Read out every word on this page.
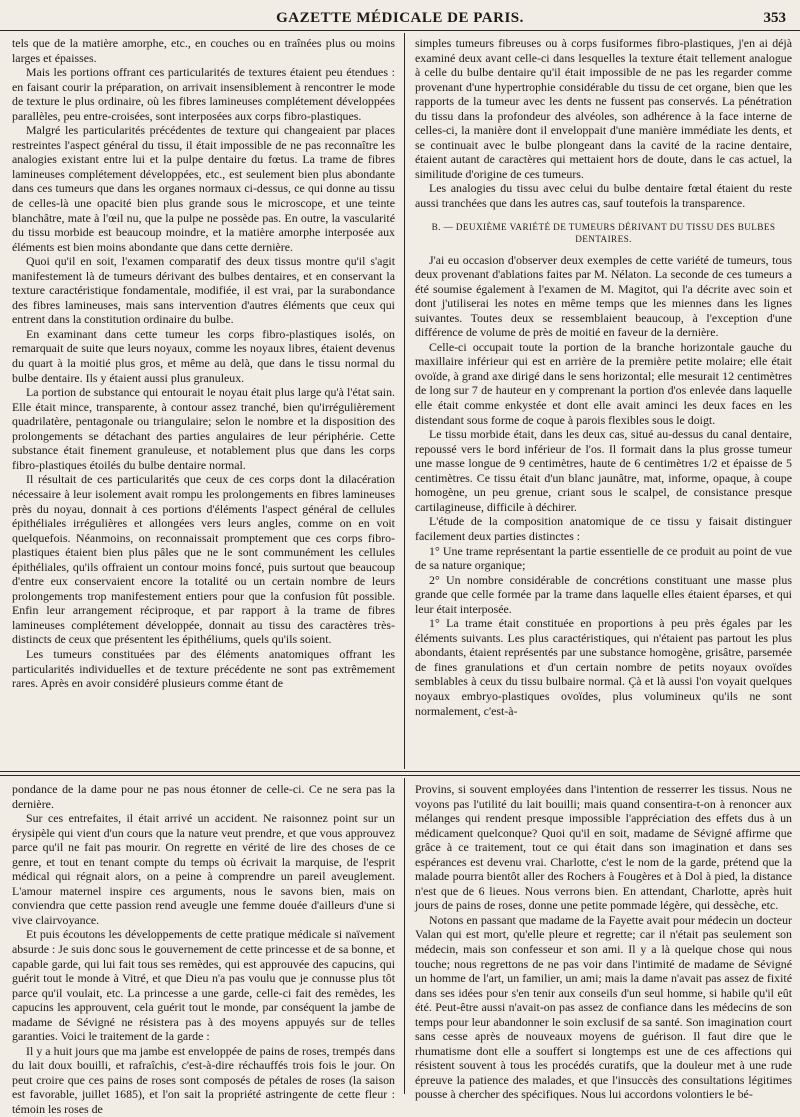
GAZETTE MÉDICALE DE PARIS.	353

tels que de la matière amorphe, etc., en couches ou en traînées plus ou moins larges et épaisses.

Mais les portions offrant ces particularités de textures étaient peu étendues : en faisant courir la préparation, on arrivait insensiblement à rencontrer le mode de texture le plus ordinaire, où les fibres lamineuses complétement développées parallèles, peu entre-croisées, sont interposées aux corps fibro-plastiques.

Malgré les particularités précédentes de texture qui changeaient par places restreintes l'aspect général du tissu, il était impossible de ne pas reconnaître les analogies existant entre lui et la pulpe dentaire du fœtus. La trame de fibres lamineuses complétement développées, etc., est seulement bien plus abondante dans ces tumeurs que dans les organes normaux ci-dessus, ce qui donne au tissu de celles-là une opacité bien plus grande sous le microscope, et une teinte blanchâtre, mate à l'œil nu, que la pulpe ne possède pas. En outre, la vascularité du tissu morbide est beaucoup moindre, et la matière amorphe interposée aux éléments est bien moins abondante que dans cette dernière.

Quoi qu'il en soit, l'examen comparatif des deux tissus montre qu'il s'agit manifestement là de tumeurs dérivant des bulbes dentaires, et en conservant la texture caractéristique fondamentale, modifiée, il est vrai, par la surabondance des fibres lamineuses, mais sans intervention d'autres éléments que ceux qui entrent dans la constitution ordinaire du bulbe.

En examinant dans cette tumeur les corps fibro-plastiques isolés, on remarquait de suite que leurs noyaux, comme les noyaux libres, étaient devenus du quart à la moitié plus gros, et même au delà, que dans le tissu normal du bulbe dentaire. Ils y étaient aussi plus granuleux.

La portion de substance qui entourait le noyau était plus large qu'à l'état sain. Elle était mince, transparente, à contour assez tranché, bien qu'irrégulièrement quadrilatère, pentagonale ou triangulaire; selon le nombre et la disposition des prolongements se détachant des parties angulaires de leur périphérie. Cette substance était finement granuleuse, et notablement plus que dans les corps fibro-plastiques étoilés du bulbe dentaire normal.

Il résultait de ces particularités que ceux de ces corps dont la dilacération nécessaire à leur isolement avait rompu les prolongements en fibres lamineuses près du noyau, donnait à ces portions d'éléments l'aspect général de cellules épithéliales irrégulières et allongées vers leurs angles, comme on en voit quelquefois. Néanmoins, on reconnaissait promptement que ces corps fibro-plastiques étaient bien plus pâles que ne le sont communément les cellules épithéliales, qu'ils offraient un contour moins foncé, puis surtout que beaucoup d'entre eux conservaient encore la totalité ou un certain nombre de leurs prolongements trop manifestement entiers pour que la confusion fût possible. Enfin leur arrangement réciproque, et par rapport à la trame de fibres lamineuses complétement développée, donnait au tissu des caractères très-distincts de ceux que présentent les épithéliums, quels qu'ils soient.

Les tumeurs constituées par des éléments anatomiques offrant les particularités individuelles et de texture précédente ne sont pas extrêmement rares. Après en avoir considéré plusieurs comme étant de

simples tumeurs fibreuses ou à corps fusiformes fibro-plastiques, j'en ai déjà examiné deux avant celle-ci dans lesquelles la texture était tellement analogue à celle du bulbe dentaire qu'il était impossible de ne pas les regarder comme provenant d'une hypertrophie considérable du tissu de cet organe, bien que les rapports de la tumeur avec les dents ne fussent pas conservés. La pénétration du tissu dans la profondeur des alvéoles, son adhérence à la face interne de celles-ci, la manière dont il enveloppait d'une manière immédiate les dents, et se continuait avec le bulbe plongeant dans la cavité de la racine dentaire, étaient autant de caractères qui mettaient hors de doute, dans le cas actuel, la similitude d'origine de ces tumeurs.

Les analogies du tissu avec celui du bulbe dentaire fœtal étaient du reste aussi tranchées que dans les autres cas, sauf toutefois la transparence.

B. — DEUXIÈME VARIÉTÉ DE TUMEURS DÉRIVANT DU TISSU DES BULBES DENTAIRES.

J'ai eu occasion d'observer deux exemples de cette variété de tumeurs, tous deux provenant d'ablations faites par M. Nélaton. La seconde de ces tumeurs a été soumise également à l'examen de M. Magitot, qui l'a décrite avec soin et dont j'utiliserai les notes en même temps que les miennes dans les lignes suivantes. Toutes deux se ressemblaient beaucoup, à l'exception d'une différence de volume de près de moitié en faveur de la dernière.

Celle-ci occupait toute la portion de la branche horizontale gauche du maxillaire inférieur qui est en arrière de la première petite molaire; elle était ovoïde, à grand axe dirigé dans le sens horizontal; elle mesurait 12 centimètres de long sur 7 de hauteur en y comprenant la portion d'os enlevée dans laquelle elle était comme enkystée et dont elle avait aminci les deux faces en les distendant sous forme de coque à parois flexibles sous le doigt.

Le tissu morbide était, dans les deux cas, situé au-dessus du canal dentaire, repoussé vers le bord inférieur de l'os. Il formait dans la plus grosse tumeur une masse longue de 9 centimètres, haute de 6 centimètres 1/2 et épaisse de 5 centimètres. Ce tissu était d'un blanc jaunâtre, mat, informe, opaque, à coupe homogène, un peu grenue, criant sous le scalpel, de consistance presque cartilagineuse, difficile à déchirer.

L'étude de la composition anatomique de ce tissu y faisait distinguer facilement deux parties distinctes :

1° Une trame représentant la partie essentielle de ce produit au point de vue de sa nature organique;

2° Un nombre considérable de concrétions constituant une masse plus grande que celle formée par la trame dans laquelle elles étaient éparses, et qui leur était interposée.

1° La trame était constituée en proportions à peu près égales par les éléments suivants. Les plus caractéristiques, qui n'étaient pas partout les plus abondants, étaient représentés par une substance homogène, grisâtre, parsemée de fines granulations et d'un certain nombre de petits noyaux ovoïdes semblables à ceux du tissu bulbaire normal. Çà et là aussi l'on voyait quelques noyaux embryo-plastiques ovoïdes, plus volumineux qu'ils ne sont normalement, c'est-à-

pondance de la dame pour ne pas nous étonner de celle-ci. Ce ne sera pas la dernière.

Sur ces entrefaites, il était arrivé un accident. Ne raisonnez point sur un érysipèle qui vient d'un cours que la nature veut prendre, et que vous approuvez parce qu'il ne fait pas mourir. On regrette en vérité de lire des choses de ce genre, et tout en tenant compte du temps où écrivait la marquise, de l'esprit médical qui régnait alors, on a peine à comprendre un pareil aveuglement. L'amour maternel inspire ces arguments, nous le savons bien, mais on conviendra que cette passion rend aveugle une femme douée d'ailleurs d'une si vive clairvoyance.

Et puis écoutons les développements de cette pratique médicale si naïvement absurde : Je suis donc sous le gouvernement de cette princesse et de sa bonne, et capable garde, qui lui fait tous ses remèdes, qui est approuvée des capucins, qui guérit tout le monde à Vitré, et que Dieu n'a pas voulu que je connusse plus tôt parce qu'il voulait, etc. La princesse a une garde, celle-ci fait des remèdes, les capucins les approuvent, cela guérit tout le monde, par conséquent la jambe de madame de Sévigné ne résistera pas à des moyens appuyés sur de telles garanties. Voici le traitement de la garde :

Il y a huit jours que ma jambe est enveloppée de pains de roses, trempés dans du lait doux bouilli, et rafraîchis, c'est-à-dire réchauffés trois fois le jour. On peut croire que ces pains de roses sont composés de pétales de roses (la saison est favorable, juillet 1685), et l'on sait la propriété astringente de cette fleur : témoin les roses de

Provins, si souvent employées dans l'intention de resserrer les tissus. Nous ne voyons pas l'utilité du lait bouilli; mais quand consentira-t-on à renoncer aux mélanges qui rendent presque impossible l'appréciation des effets dus à un médicament quelconque? Quoi qu'il en soit, madame de Sévigné affirme que grâce à ce traitement, tout ce qui était dans son imagination et dans ses espérances est devenu vrai. Charlotte, c'est le nom de la garde, prétend que la malade pourra bientôt aller des Rochers à Fougères et à Dol à pied, la distance n'est que de 6 lieues. Nous verrons bien. En attendant, Charlotte, après huit jours de pains de roses, donne une petite pommade légère, qui dessèche, etc.

Notons en passant que madame de la Fayette avait pour médecin un docteur Valan qui est mort, qu'elle pleure et regrette; car il n'était pas seulement son médecin, mais son confesseur et son ami. Il y a là quelque chose qui nous touche; nous regrettons de ne pas voir dans l'intimité de madame de Sévigné un homme de l'art, un familier, un ami; mais la dame n'avait pas assez de fixité dans ses idées pour s'en tenir aux conseils d'un seul homme, si habile qu'il eût été. Peut-être aussi n'avait-on pas assez de confiance dans les médecins de son temps pour leur abandonner le soin exclusif de sa santé. Son imagination court sans cesse après de nouveaux moyens de guérison. Il faut dire que le rhumatisme dont elle a souffert si longtemps est une de ces affections qui résistent souvent à tous les procédés curatifs, que la douleur met à une rude épreuve la patience des malades, et que l'insuccès des consultations légitimes pousse à chercher des spécifiques. Nous lui accordons volontiers le bé-
